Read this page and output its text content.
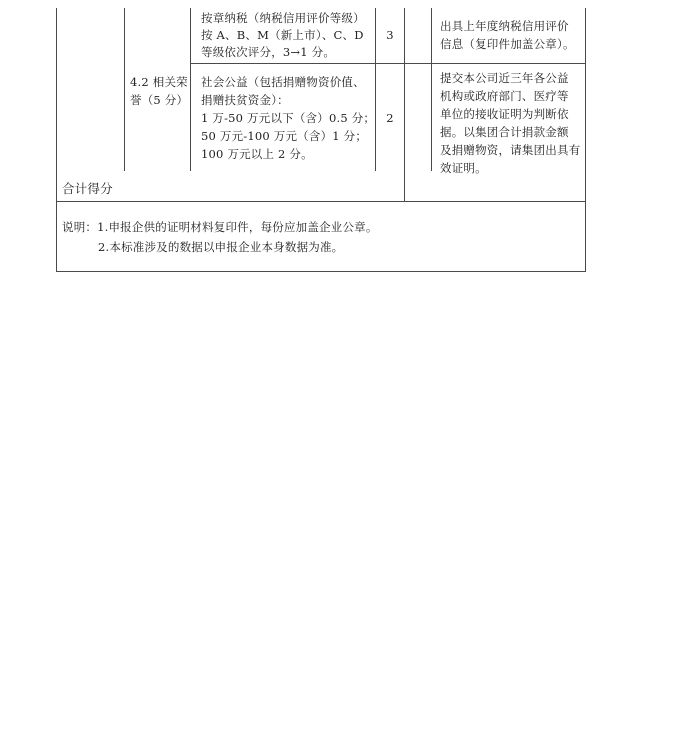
按章纳税（纳税信用评价等级）
按 A、B、M（新上市）、C、D
等级依次评分，3→1 分。
3
出具上年度纳税信用评价
信息（复印件加盖公章）。
4.2 相关荣
誉（5 分）
社会公益（包括捐赠物资价值、
捐赠扶贫资金）：
1 万-50 万元以下（含）0.5 分；
50 万元-100 万元（含）1 分；
100 万元以上 2 分。
2
提交本公司近三年各公益
机构或政府部门、医疗等
单位的接收证明为判断依
据。以集团合计捐款金额
及捐赠物资，请集团出具有
效证明。
合计得分
说明：1.申报企供的证明材料复印件，每份应加盖企业公章。
2.本标准涉及的数据以申报企业本身数据为准。
